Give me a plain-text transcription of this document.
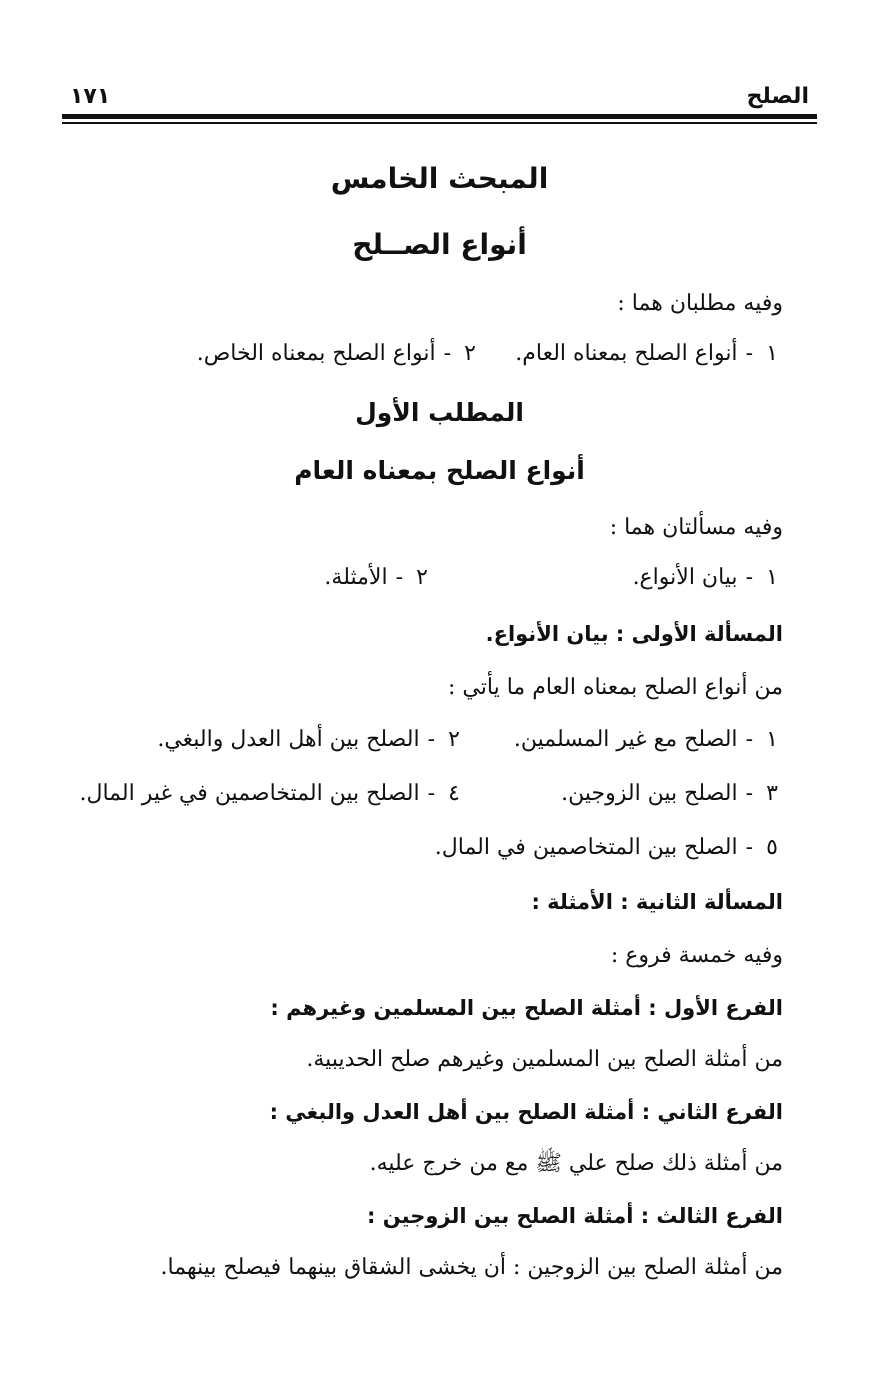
الصلح
١٧١
المبحث الخامس
أنواع الصــلح
وفيه مطلبان هما :
١-أنواع الصلح بمعناه العام.
٢-أنواع الصلح بمعناه الخاص.
المطلب الأول
أنواع الصلح بمعناه العام
وفيه مسألتان هما :
١-بيان الأنواع.
٢-الأمثلة.
المسألة الأولى : بيان الأنواع.
من أنواع الصلح بمعناه العام ما يأتي :
١-الصلح مع غير المسلمين.
٢-الصلح بين أهل العدل والبغي.
٣-الصلح بين الزوجين.
٤-الصلح بين المتخاصمين في غير المال.
٥-الصلح بين المتخاصمين في المال.
المسألة الثانية : الأمثلة :
وفيه خمسة فروع :
الفرع الأول : أمثلة الصلح بين المسلمين وغيرهم :
من أمثلة الصلح بين المسلمين وغيرهم صلح الحديبية.
الفرع الثاني : أمثلة الصلح بين أهل العدل والبغي :
من أمثلة ذلك صلح علي ﷺ مع من خرج عليه.
الفرع الثالث : أمثلة الصلح بين الزوجين :
من أمثلة الصلح بين الزوجين : أن يخشى الشقاق بينهما فيصلح بينهما.
